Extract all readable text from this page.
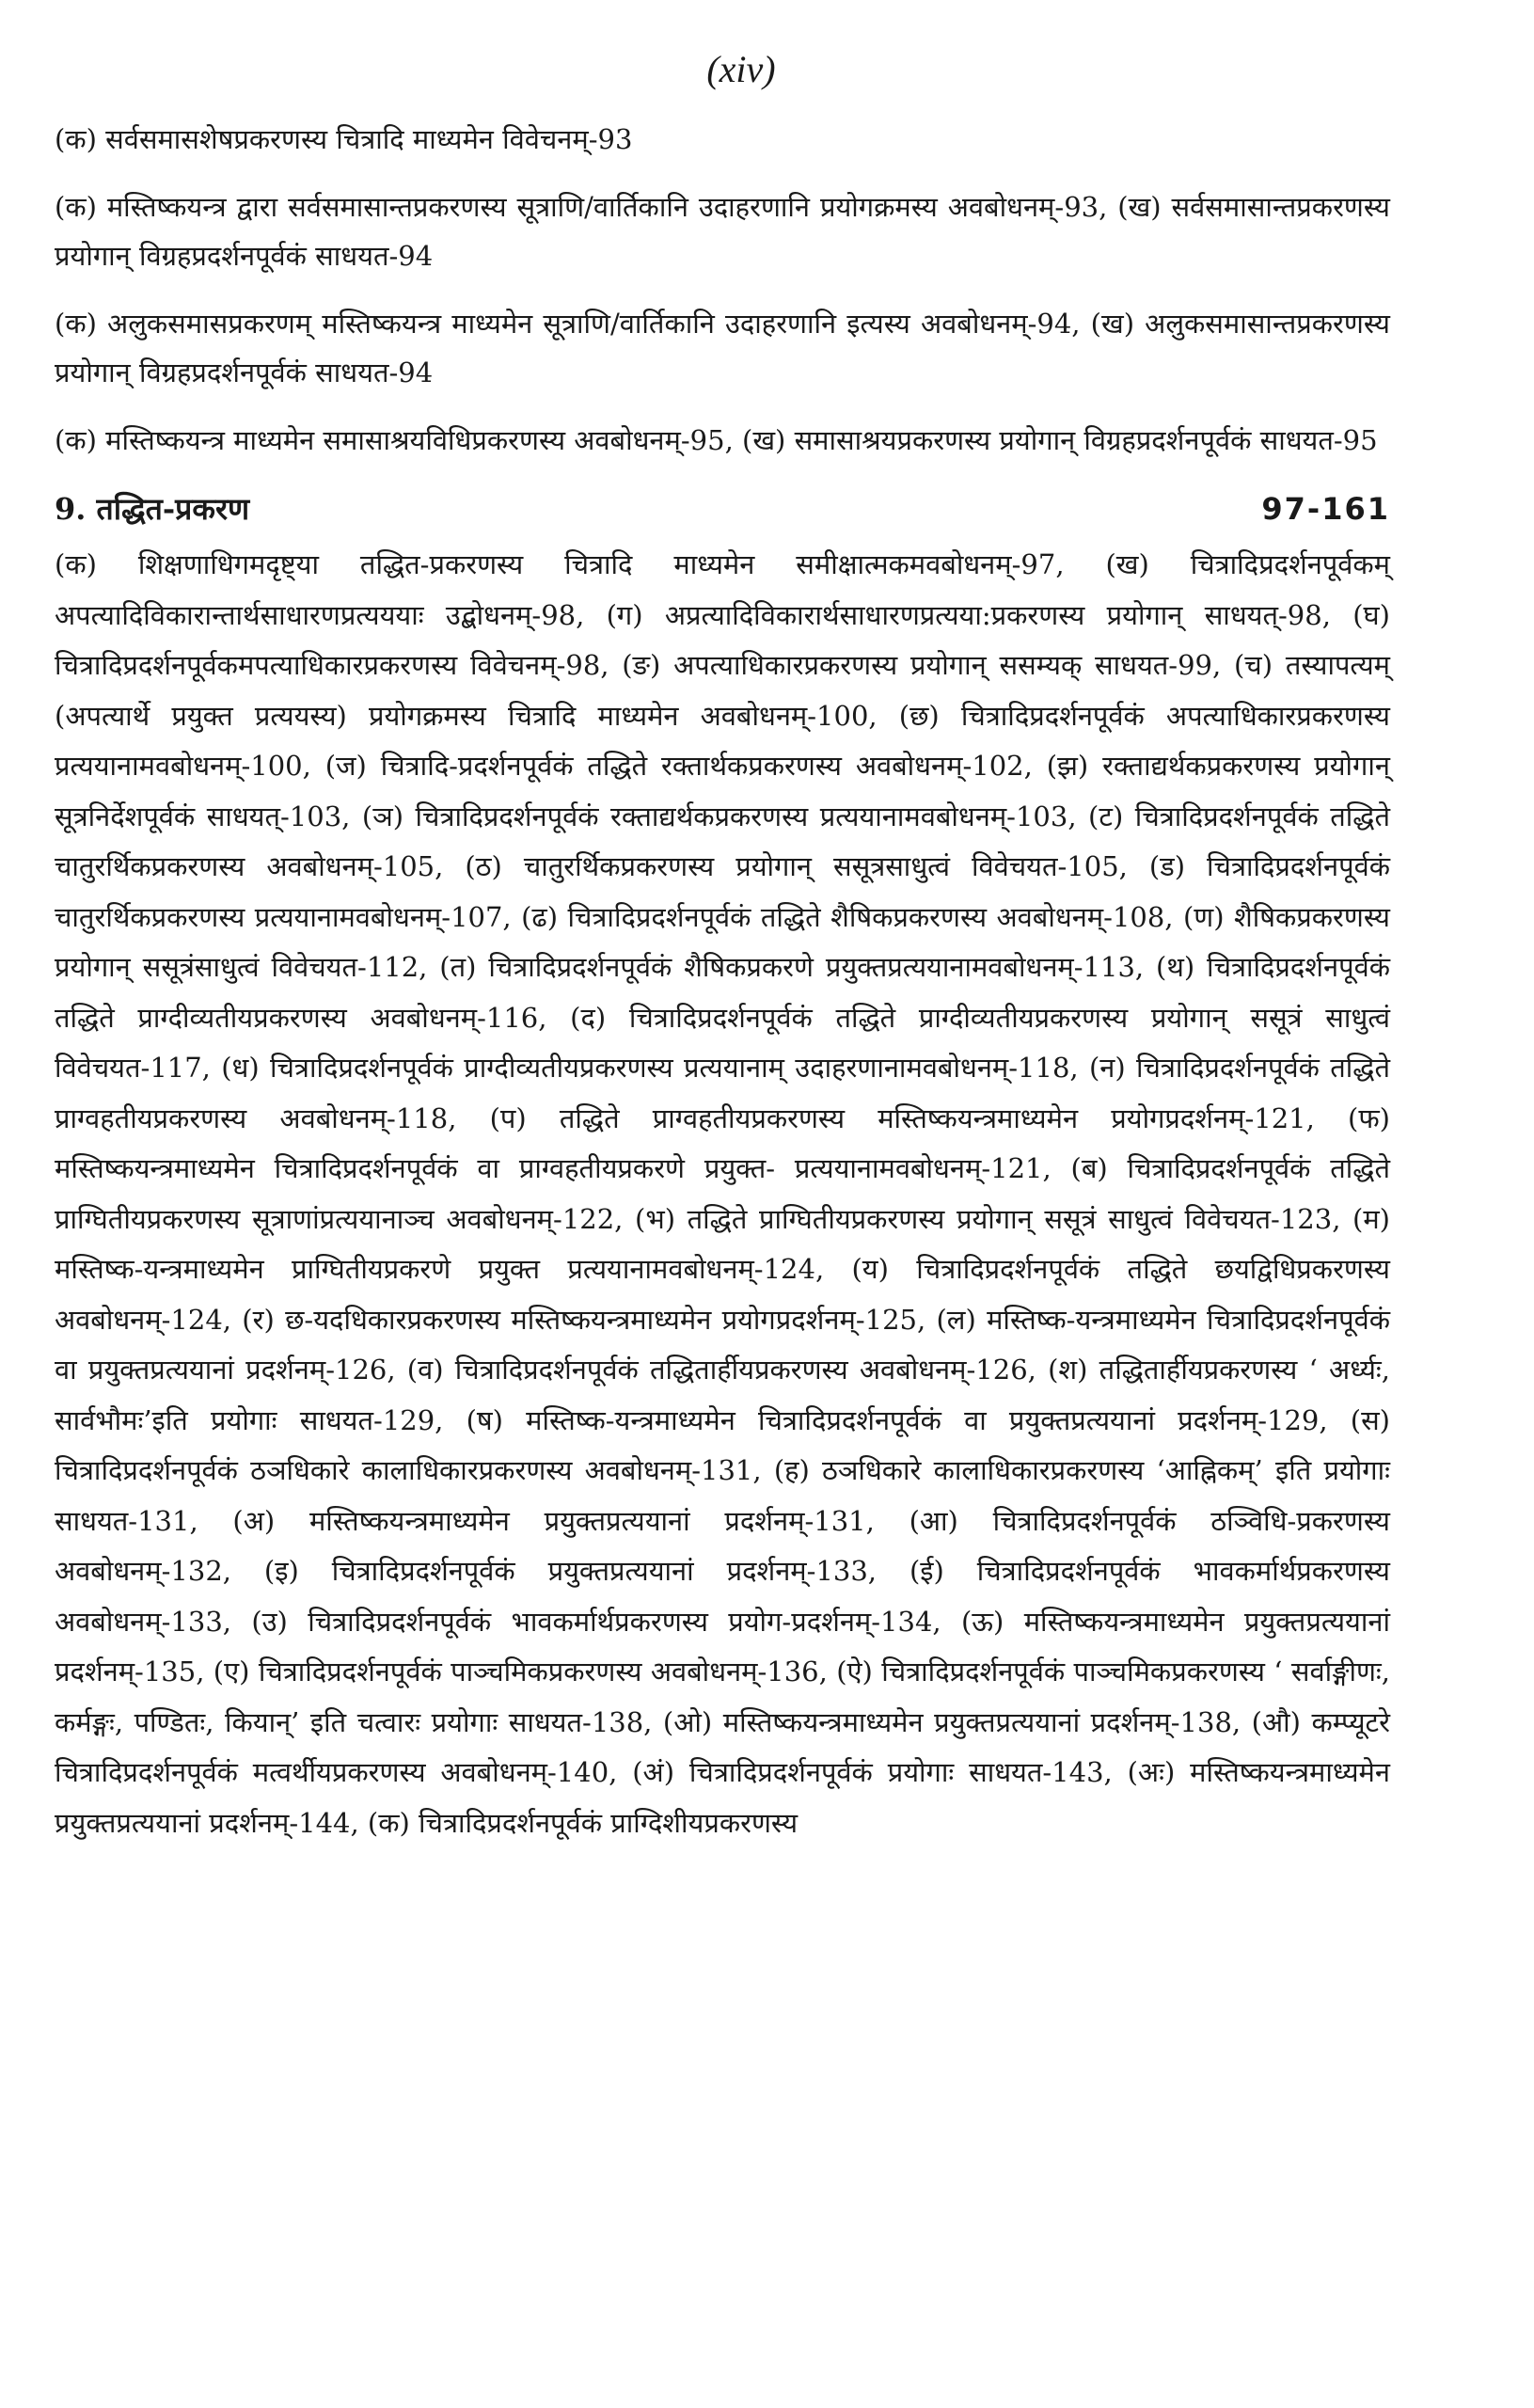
(xiv)

(क) सर्वसमासशेषप्रकरणस्य चित्रादि माध्यमेन विवेचनम्-93

(क) मस्तिष्कयन्त्र द्वारा सर्वसमासान्तप्रकरणस्य सूत्राणि/वार्तिकानि उदाहरणानि प्रयोगक्रमस्य अवबोधनम्-93, (ख) सर्वसमासान्तप्रकरणस्य प्रयोगान् विग्रहप्रदर्शनपूर्वकं साधयत-94

(क) अलुकसमासप्रकरणम् मस्तिष्कयन्त्र माध्यमेन सूत्राणि/वार्तिकानि उदाहरणानि इत्यस्य अवबोधनम्-94, (ख) अलुकसमासान्तप्रकरणस्य प्रयोगान् विग्रहप्रदर्शनपूर्वकं साधयत-94

(क) मस्तिष्कयन्त्र माध्यमेन समासाश्रयविधिप्रकरणस्य अवबोधनम्-95, (ख) समासाश्रयप्रकरणस्य प्रयोगान् विग्रहप्रदर्शनपूर्वकं साधयत-95

9. तद्धित-प्रकरण	97-161

(क) शिक्षणाधिगमदृष्ट्या तद्धित-प्रकरणस्य चित्रादि माध्यमेन समीक्षात्मकमवबोधनम्-97, (ख) चित्रादिप्रदर्शनपूर्वकम् अपत्यादिविकारान्तार्थसाधारणप्रत्यययाः उद्बोधनम्-98, (ग) अप्रत्यादिविकारार्थसाधारणप्रत्यया:प्रकरणस्य प्रयोगान् साधयत्-98, (घ) चित्रादिप्रदर्शनपूर्वकमपत्याधिकारप्रकरणस्य विवेचनम्-98, (ङ) अपत्याधिकारप्रकरणस्य प्रयोगान् ससम्यक् साधयत-99, (च) तस्यापत्यम् (अपत्यार्थे प्रयुक्त प्रत्ययस्य) प्रयोगक्रमस्य चित्रादि माध्यमेन अवबोधनम्-100, (छ) चित्रादिप्रदर्शनपूर्वकं अपत्याधिकारप्रकरणस्य प्रत्ययानामवबोधनम्-100, (ज) चित्रादि-प्रदर्शनपूर्वकं तद्धिते रक्तार्थकप्रकरणस्य अवबोधनम्-102, (झ) रक्ताद्यर्थकप्रकरणस्य प्रयोगान् सूत्रनिर्देशपूर्वकं साधयत्-103, (ञ) चित्रादिप्रदर्शनपूर्वकं रक्ताद्यर्थकप्रकरणस्य प्रत्ययानामवबोधनम्-103, (ट) चित्रादिप्रदर्शनपूर्वकं तद्धिते चातुरर्थिकप्रकरणस्य अवबोधनम्-105, (ठ) चातुरर्थिकप्रकरणस्य प्रयोगान् ससूत्रसाधुत्वं विवेचयत-105, (ड) चित्रादिप्रदर्शनपूर्वकं चातुरर्थिकप्रकरणस्य प्रत्ययानामवबोधनम्-107, (ढ) चित्रादिप्रदर्शनपूर्वकं तद्धिते शैषिकप्रकरणस्य अवबोधनम्-108, (ण) शैषिकप्रकरणस्य प्रयोगान् ससूत्रंसाधुत्वं विवेचयत-112, (त) चित्रादिप्रदर्शनपूर्वकं शैषिकप्रकरणे प्रयुक्तप्रत्ययानामवबोधनम्-113, (थ) चित्रादिप्रदर्शनपूर्वकं तद्धिते प्राग्दीव्यतीयप्रकरणस्य अवबोधनम्-116, (द) चित्रादिप्रदर्शनपूर्वकं तद्धिते प्राग्दीव्यतीयप्रकरणस्य प्रयोगान् ससूत्रं साधुत्वं विवेचयत-117, (ध) चित्रादिप्रदर्शनपूर्वकं प्राग्दीव्यतीयप्रकरणस्य प्रत्ययानाम् उदाहरणानामवबोधनम्-118, (न) चित्रादिप्रदर्शनपूर्वकं तद्धिते प्राग्वहतीयप्रकरणस्य अवबोधनम्-118, (प) तद्धिते प्राग्वहतीयप्रकरणस्य मस्तिष्कयन्त्रमाध्यमेन प्रयोगप्रदर्शनम्-121, (फ) मस्तिष्कयन्त्रमाध्यमेन चित्रादिप्रदर्शनपूर्वकं वा प्राग्वहतीयप्रकरणे प्रयुक्त- प्रत्ययानामवबोधनम्-121, (ब) चित्रादिप्रदर्शनपूर्वकं तद्धिते प्राग्घितीयप्रकरणस्य सूत्राणांप्रत्ययानाञ्च अवबोधनम्-122, (भ) तद्धिते प्राग्घितीयप्रकरणस्य प्रयोगान् ससूत्रं साधुत्वं विवेचयत-123, (म) मस्तिष्क-यन्त्रमाध्यमेन प्राग्घितीयप्रकरणे प्रयुक्त प्रत्ययानामवबोधनम्-124, (य) चित्रादिप्रदर्शनपूर्वकं तद्धिते छयद्विधिप्रकरणस्य अवबोधनम्-124, (र) छ-यदधिकारप्रकरणस्य मस्तिष्कयन्त्रमाध्यमेन प्रयोगप्रदर्शनम्-125, (ल) मस्तिष्क-यन्त्रमाध्यमेन चित्रादिप्रदर्शनपूर्वकं वा प्रयुक्तप्रत्ययानां प्रदर्शनम्-126, (व) चित्रादिप्रदर्शनपूर्वकं तद्धितार्हीयप्रकरणस्य अवबोधनम्-126, (श) तद्धितार्हीयप्रकरणस्य ‘ अर्ध्यः, सार्वभौमः’इति प्रयोगाः साधयत-129, (ष) मस्तिष्क-यन्त्रमाध्यमेन चित्रादिप्रदर्शनपूर्वकं वा प्रयुक्तप्रत्ययानां प्रदर्शनम्-129, (स) चित्रादिप्रदर्शनपूर्वकं ठञधिकारे कालाधिकारप्रकरणस्य अवबोधनम्-131, (ह) ठञधिकारे कालाधिकारप्रकरणस्य ‘आह्निकम्’ इति प्रयोगाः साधयत-131, (अ) मस्तिष्कयन्त्रमाध्यमेन प्रयुक्तप्रत्ययानां प्रदर्शनम्-131, (आ) चित्रादिप्रदर्शनपूर्वकं ठञ्विधि-प्रकरणस्य अवबोधनम्-132, (इ) चित्रादिप्रदर्शनपूर्वकं प्रयुक्तप्रत्ययानां प्रदर्शनम्-133, (ई) चित्रादिप्रदर्शनपूर्वकं भावकर्मार्थप्रकरणस्य अवबोधनम्-133, (उ) चित्रादिप्रदर्शनपूर्वकं भावकर्मार्थप्रकरणस्य प्रयोग-प्रदर्शनम्-134, (ऊ) मस्तिष्कयन्त्रमाध्यमेन प्रयुक्तप्रत्ययानां प्रदर्शनम्-135, (ए) चित्रादिप्रदर्शनपूर्वकं पाञ्चमिकप्रकरणस्य अवबोधनम्-136, (ऐ) चित्रादिप्रदर्शनपूर्वकं पाञ्चमिकप्रकरणस्य ‘ सर्वाङ्गीणः, कर्मङ्गः, पण्डितः, कियान्’ इति चत्वारः प्रयोगाः साधयत-138, (ओ) मस्तिष्कयन्त्रमाध्यमेन प्रयुक्तप्रत्ययानां प्रदर्शनम्-138, (औ) कम्प्यूटरे चित्रादिप्रदर्शनपूर्वकं मत्वर्थीयप्रकरणस्य अवबोधनम्-140, (अं) चित्रादिप्रदर्शनपूर्वकं प्रयोगाः साधयत-143, (अः) मस्तिष्कयन्त्रमाध्यमेन प्रयुक्तप्रत्ययानां प्रदर्शनम्-144, (क) चित्रादिप्रदर्शनपूर्वकं प्राग्दिशीयप्रकरणस्य
